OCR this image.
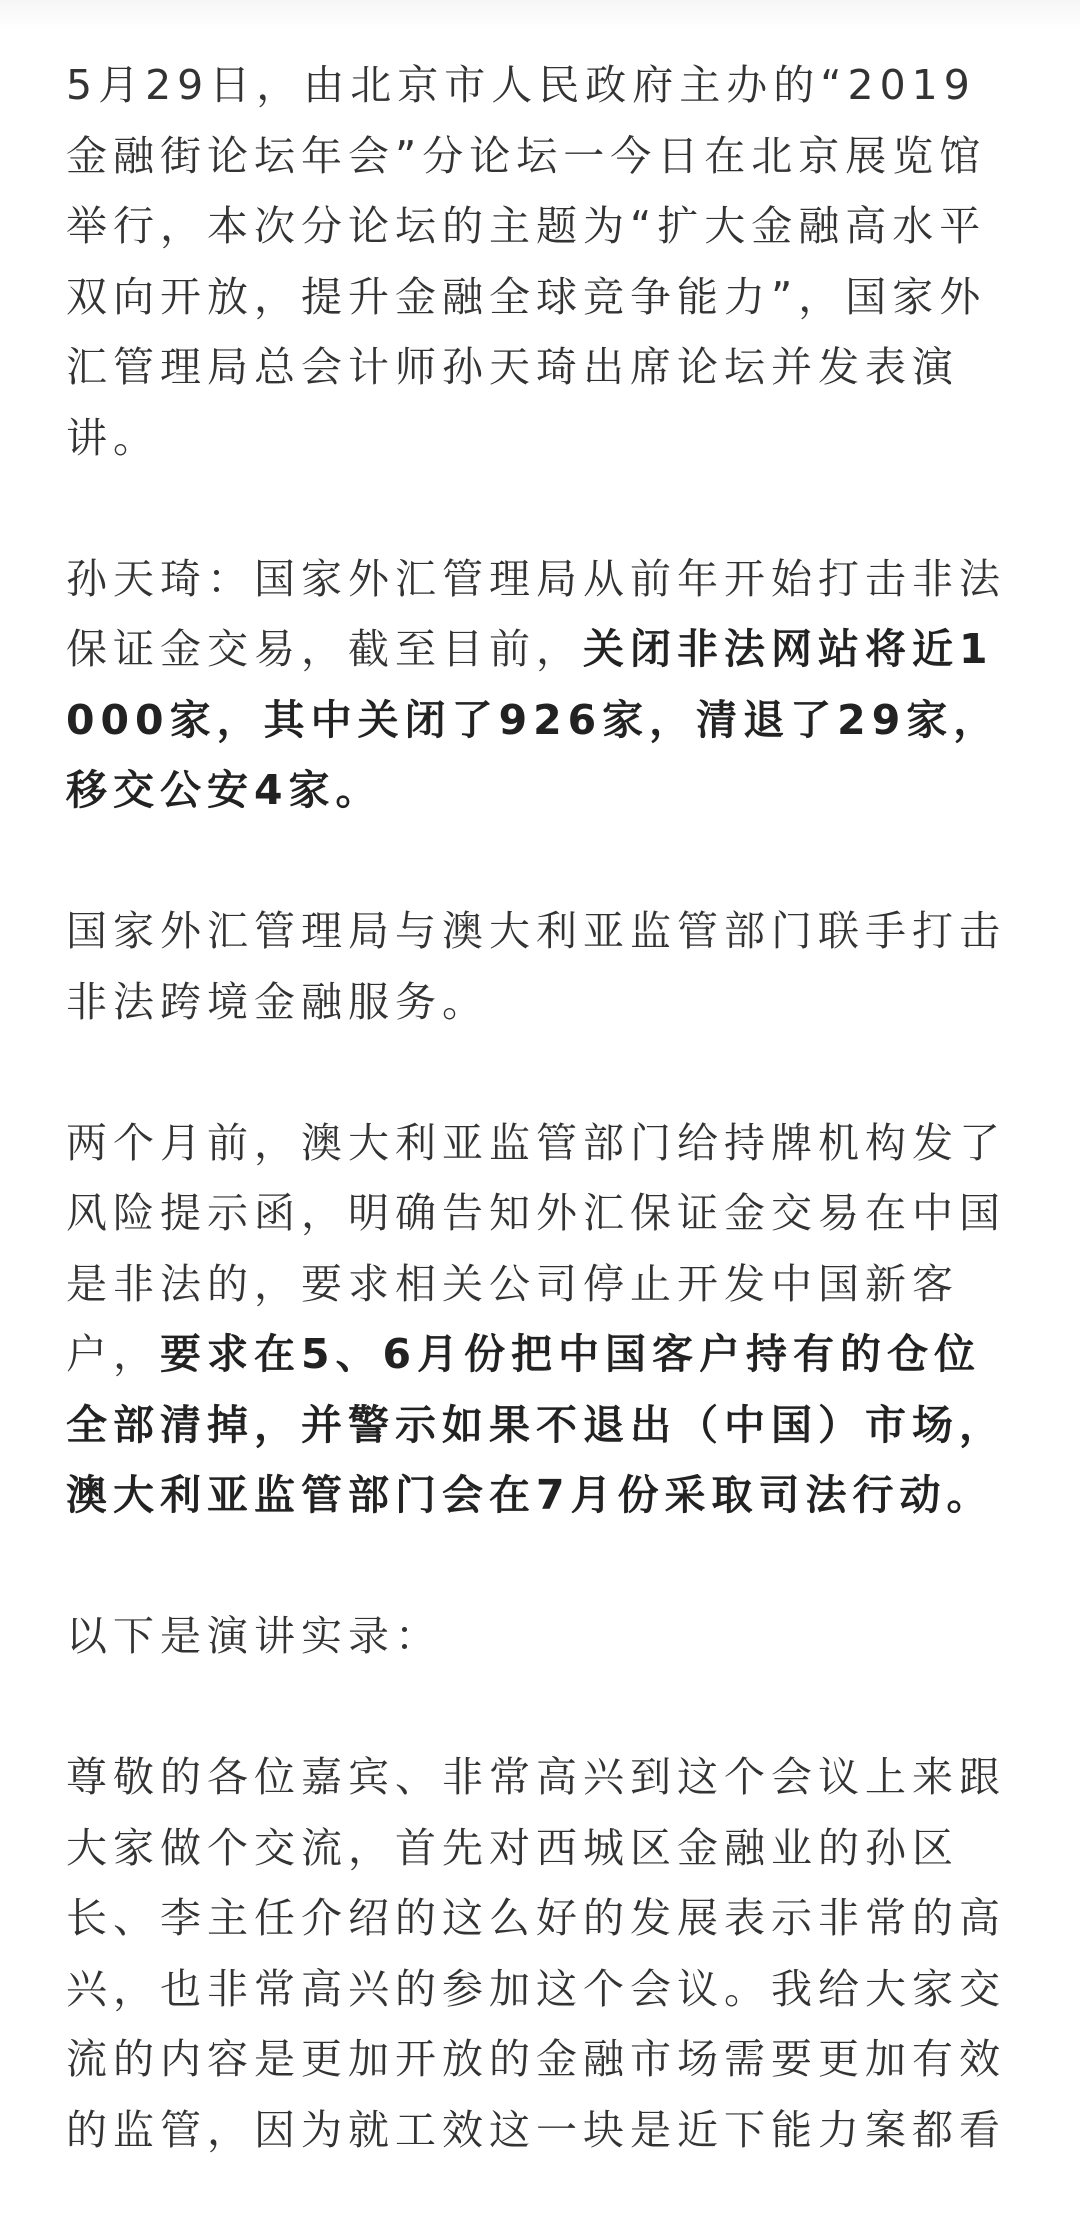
5月29日，由北京市人民政府主办的“2019金融街论坛年会”分论坛一今日在北京展览馆举行，本次分论坛的主题为“扩大金融高水平双向开放，提升金融全球竞争能力”，国家外汇管理局总会计师孙天琦出席论坛并发表演讲。

孙天琦：国家外汇管理局从前年开始打击非法保证金交易，截至目前，关闭非法网站将近1000家，其中关闭了926家，清退了29家，移交公安4家。

国家外汇管理局与澳大利亚监管部门联手打击非法跨境金融服务。

两个月前，澳大利亚监管部门给持牌机构发了风险提示函，明确告知外汇保证金交易在中国是非法的，要求相关公司停止开发中国新客户，要求在5、6月份把中国客户持有的仓位全部清掉，并警示如果不退出（中国）市场，澳大利亚监管部门会在7月份采取司法行动。

以下是演讲实录：

尊敬的各位嘉宾、非常高兴到这个会议上来跟大家做个交流，首先对西城区金融业的孙区长、李主任介绍的这么好的发展表示非常的高兴，也非常高兴的参加这个会议。我给大家交流的内容是更加开放的金融市场需要更加有效的监管，因为就工效这一块是近下能力案都看
